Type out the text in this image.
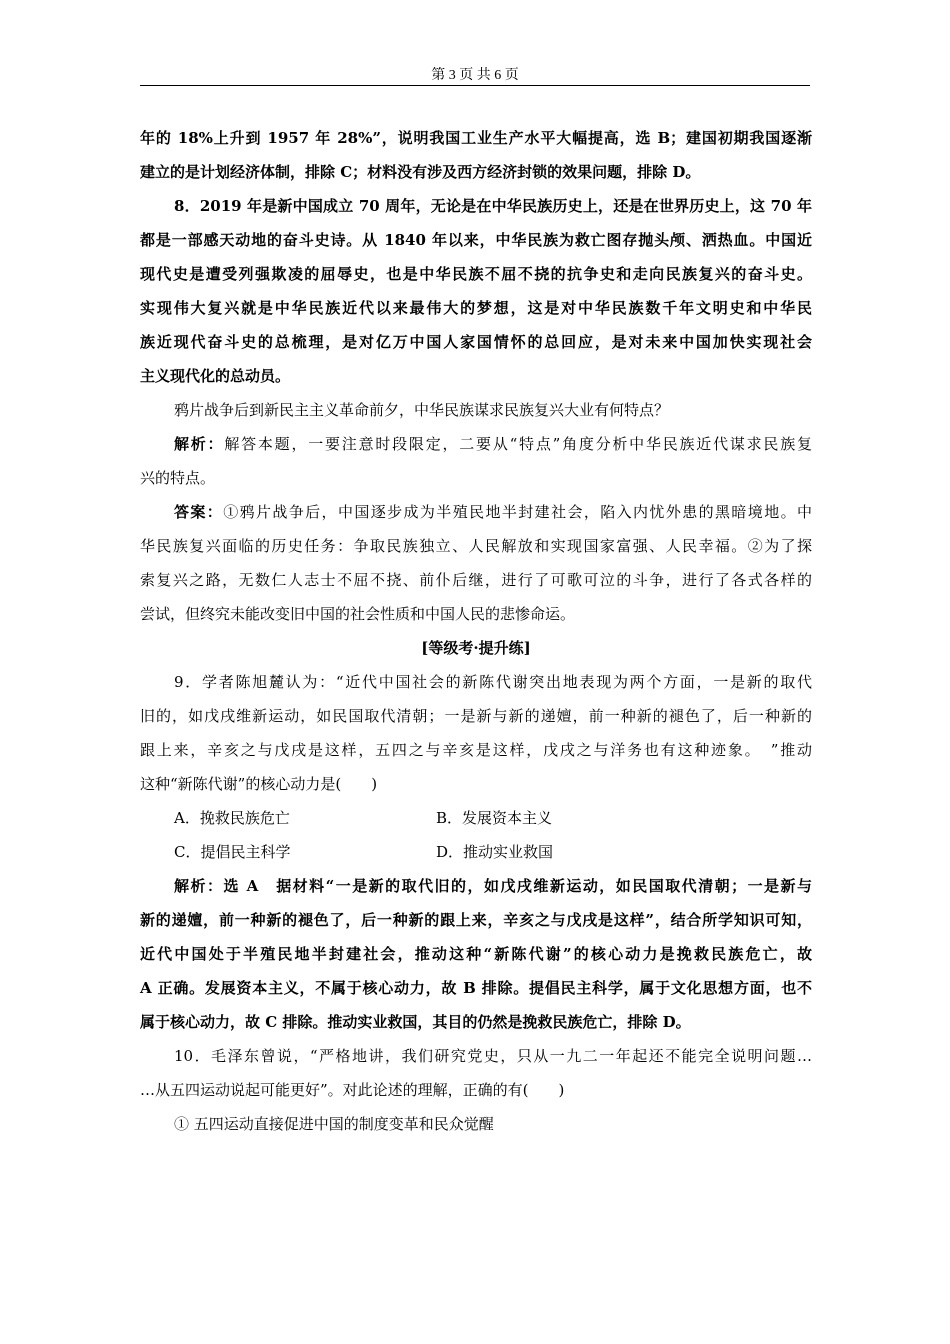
第 3 页 共 6 页
年的 18%上升到 1957 年 28%”，说明我国工业生产水平大幅提高，选 B；建国初期我国逐渐
建立的是计划经济体制，排除 C；材料没有涉及西方经济封锁的效果问题，排除 D。
8．2019 年是新中国成立 70 周年，无论是在中华民族历史上，还是在世界历史上，这 70 年
都是一部感天动地的奋斗史诗。从 1840 年以来，中华民族为救亡图存抛头颅、洒热血。中国近
现代史是遭受列强欺凌的屈辱史，也是中华民族不屈不挠的抗争史和走向民族复兴的奋斗史。
实现伟大复兴就是中华民族近代以来最伟大的梦想，这是对中华民族数千年文明史和中华民
族近现代奋斗史的总梳理，是对亿万中国人家国情怀的总回应，是对未来中国加快实现社会
主义现代化的总动员。
鸦片战争后到新民主主义革命前夕，中华民族谋求民族复兴大业有何特点？
解析：解答本题，一要注意时段限定，二要从“特点”角度分析中华民族近代谋求民族复
兴的特点。
答案：①鸦片战争后，中国逐步成为半殖民地半封建社会，陷入内忧外患的黑暗境地。中
华民族复兴面临的历史任务：争取民族独立、人民解放和实现国家富强、人民幸福。②为了探
索复兴之路，无数仁人志士不屈不挠、前仆后继，进行了可歌可泣的斗争，进行了各式各样的
尝试，但终究未能改变旧中国的社会性质和中国人民的悲惨命运。
[等级考·提升练]
9．学者陈旭麓认为：“近代中国社会的新陈代谢突出地表现为两个方面，一是新的取代
旧的，如戊戌维新运动，如民国取代清朝；一是新与新的递嬗，前一种新的褪色了，后一种新的
跟上来，辛亥之与戊戌是这样，五四之与辛亥是这样，戊戌之与洋务也有这种迹象。　”推动
这种“新陈代谢”的核心动力是(　　)
A．挽救民族危亡	B．发展资本主义
C．提倡民主科学	D．推动实业救国
解析：选 A　据材料“一是新的取代旧的，如戊戌维新运动，如民国取代清朝；一是新与
新的递嬗，前一种新的褪色了，后一种新的跟上来，辛亥之与戊戌是这样”，结合所学知识可知，
近代中国处于半殖民地半封建社会，推动这种“新陈代谢”的核心动力是挽救民族危亡，故
A 正确。发展资本主义，不属于核心动力，故 B 排除。提倡民主科学，属于文化思想方面，也不
属于核心动力，故 C 排除。推动实业救国，其目的仍然是挽救民族危亡，排除 D。
10．毛泽东曾说，“严格地讲，我们研究党史，只从一九二一年起还不能完全说明问题…
…从五四运动说起可能更好”。对此论述的理解，正确的有(　　)
① 五四运动直接促进中国的制度变革和民众觉醒
